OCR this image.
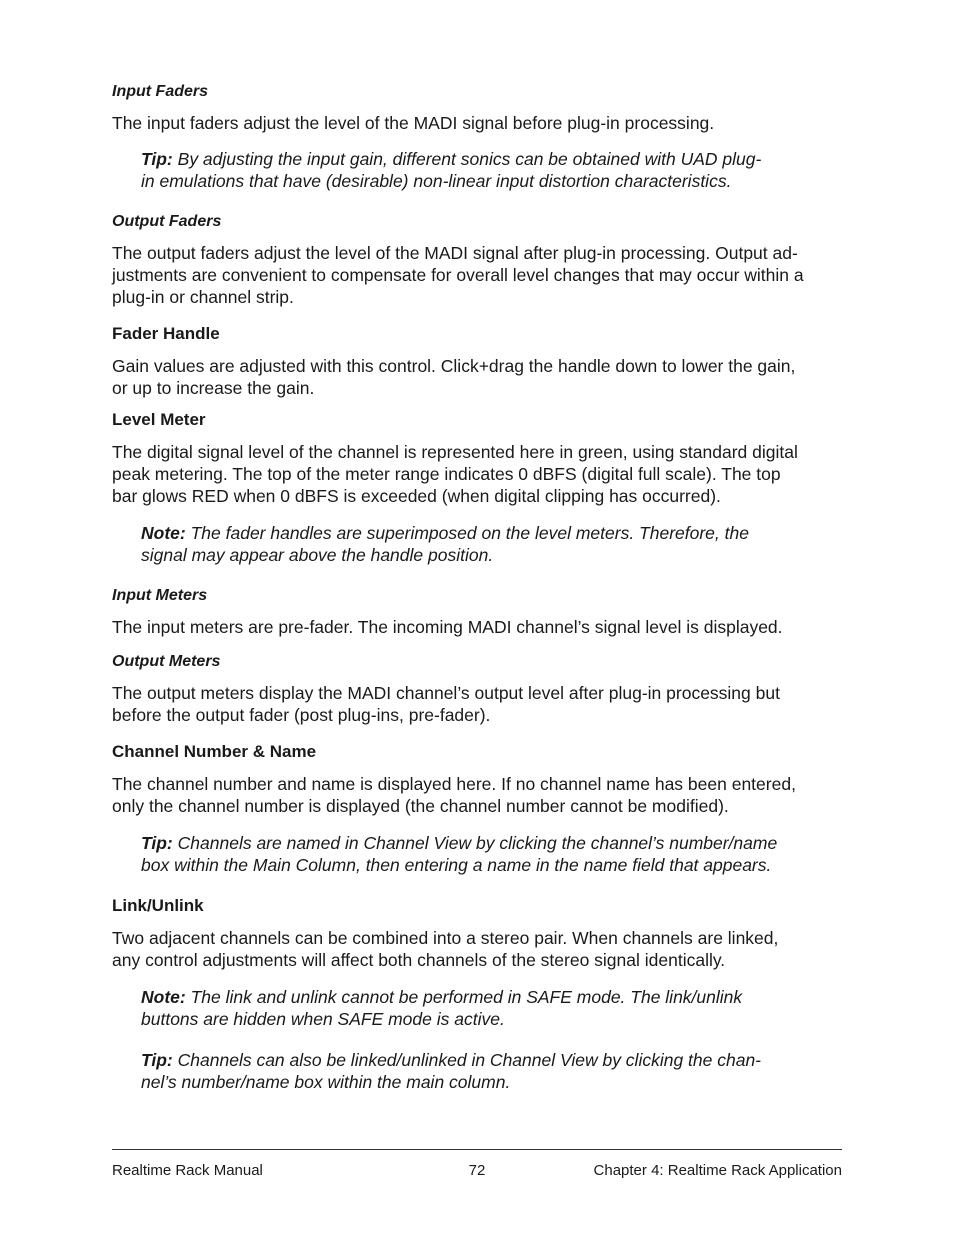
Input Faders
The input faders adjust the level of the MADI signal before plug-in processing.
Tip: By adjusting the input gain, different sonics can be obtained with UAD plug-
in emulations that have (desirable) non-linear input distortion characteristics.
Output Faders
The output faders adjust the level of the MADI signal after plug-in processing. Output ad-
justments are convenient to compensate for overall level changes that may occur within a
plug-in or channel strip.
Fader Handle
Gain values are adjusted with this control. Click+drag the handle down to lower the gain,
or up to increase the gain.
Level Meter
The digital signal level of the channel is represented here in green, using standard digital
peak metering. The top of the meter range indicates 0 dBFS (digital full scale). The top
bar glows RED when 0 dBFS is exceeded (when digital clipping has occurred).
Note: The fader handles are superimposed on the level meters. Therefore, the
signal may appear above the handle position.
Input Meters
The input meters are pre-fader. The incoming MADI channel’s signal level is displayed.
Output Meters
The output meters display the MADI channel’s output level after plug-in processing but
before the output fader (post plug-ins, pre-fader).
Channel Number & Name
The channel number and name is displayed here. If no channel name has been entered,
only the channel number is displayed (the channel number cannot be modified).
Tip: Channels are named in Channel View by clicking the channel’s number/name
box within the Main Column, then entering a name in the name field that appears.
Link/Unlink
Two adjacent channels can be combined into a stereo pair. When channels are linked,
any control adjustments will affect both channels of the stereo signal identically.
Note: The link and unlink cannot be performed in SAFE mode. The link/unlink
buttons are hidden when SAFE mode is active.
Tip: Channels can also be linked/unlinked in Channel View by clicking the chan-
nel’s number/name box within the main column.
Realtime Rack Manual	72	Chapter 4: Realtime Rack Application
